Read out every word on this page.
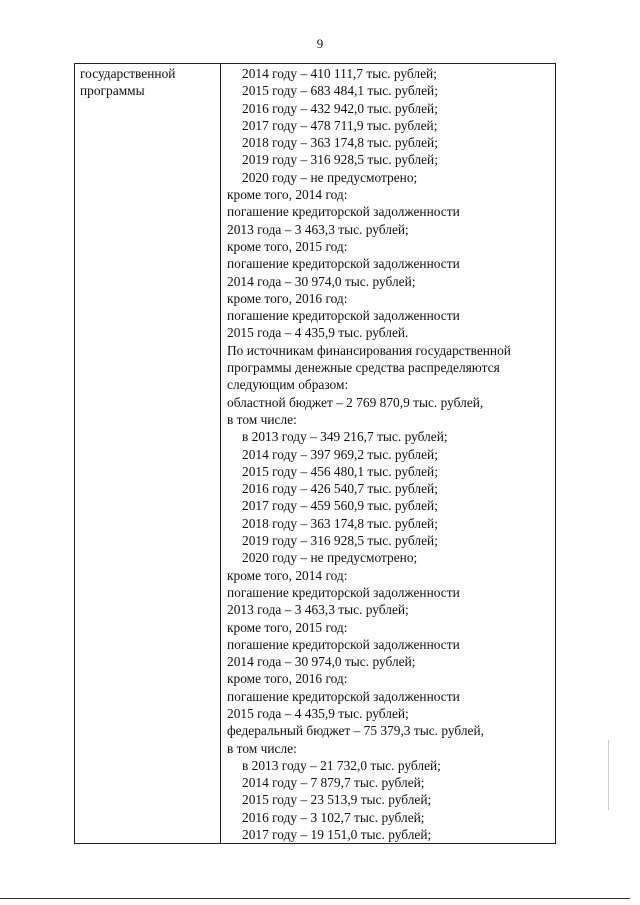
9
государственной
программы
2014 году – 410 111,7 тыс. рублей;
2015 году – 683 484,1 тыс. рублей;
2016 году – 432 942,0 тыс. рублей;
2017 году – 478 711,9 тыс. рублей;
2018 году – 363 174,8 тыс. рублей;
2019 году – 316 928,5 тыс. рублей;
2020 году – не предусмотрено;
кроме того, 2014 год:
погашение кредиторской задолженности
2013 года – 3 463,3 тыс. рублей;
кроме того, 2015 год:
погашение кредиторской задолженности
2014 года – 30 974,0 тыс. рублей;
кроме того, 2016 год:
погашение кредиторской задолженности
2015 года – 4 435,9 тыс. рублей.
По источникам финансирования государственной
программы денежные средства распределяются
следующим образом:
областной бюджет – 2 769 870,9 тыс. рублей,
в том числе:
в 2013 году – 349 216,7 тыс. рублей;
2014 году – 397 969,2 тыс. рублей;
2015 году – 456 480,1 тыс. рублей;
2016 году – 426 540,7 тыс. рублей;
2017 году – 459 560,9 тыс. рублей;
2018 году – 363 174,8 тыс. рублей;
2019 году – 316 928,5 тыс. рублей;
2020 году – не предусмотрено;
кроме того, 2014 год:
погашение кредиторской задолженности
2013 года – 3 463,3 тыс. рублей;
кроме того, 2015 год:
погашение кредиторской задолженности
2014 года – 30 974,0 тыс. рублей;
кроме того, 2016 год:
погашение кредиторской задолженности
2015 года – 4 435,9 тыс. рублей;
федеральный бюджет – 75 379,3 тыс. рублей,
в том числе:
в 2013 году – 21 732,0 тыс. рублей;
2014 году – 7 879,7 тыс. рублей;
2015 году – 23 513,9 тыс. рублей;
2016 году – 3 102,7 тыс. рублей;
2017 году – 19 151,0 тыс. рублей;
